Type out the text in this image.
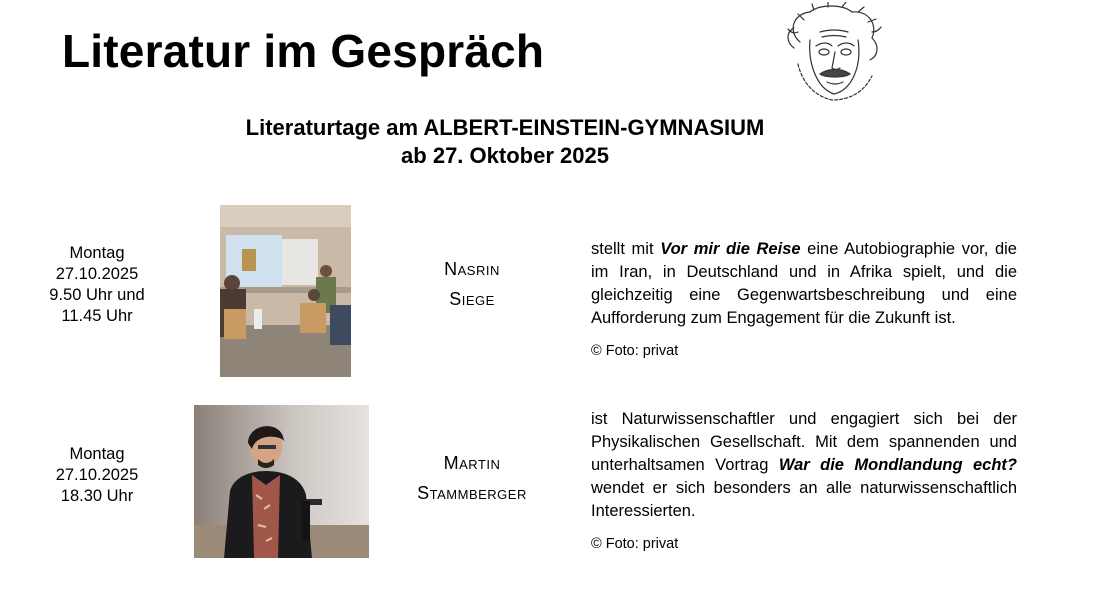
Literatur im Gespräch
Literaturtage am ALBERT-EINSTEIN-GYMNASIUM
ab 27. Oktober 2025
Montag
27.10.2025
9.50 Uhr und
11.45 Uhr
Nasrin
Siege
stellt mit Vor mir die Reise eine Autobiographie vor, die im Iran, in Deutschland und in Afrika spielt, und die gleichzeitig eine Gegenwartsbeschreibung und eine Aufforderung zum Engagement für die Zukunft ist.
© Foto: privat
Montag
27.10.2025
18.30 Uhr
Martin
Stammberger
ist Naturwissenschaftler und engagiert sich bei der Physikalischen Gesellschaft. Mit dem spannenden und unterhaltsamen Vortrag War die Mondlandung echt? wendet er sich besonders an alle naturwissenschaftlich Interessierten.
© Foto: privat
